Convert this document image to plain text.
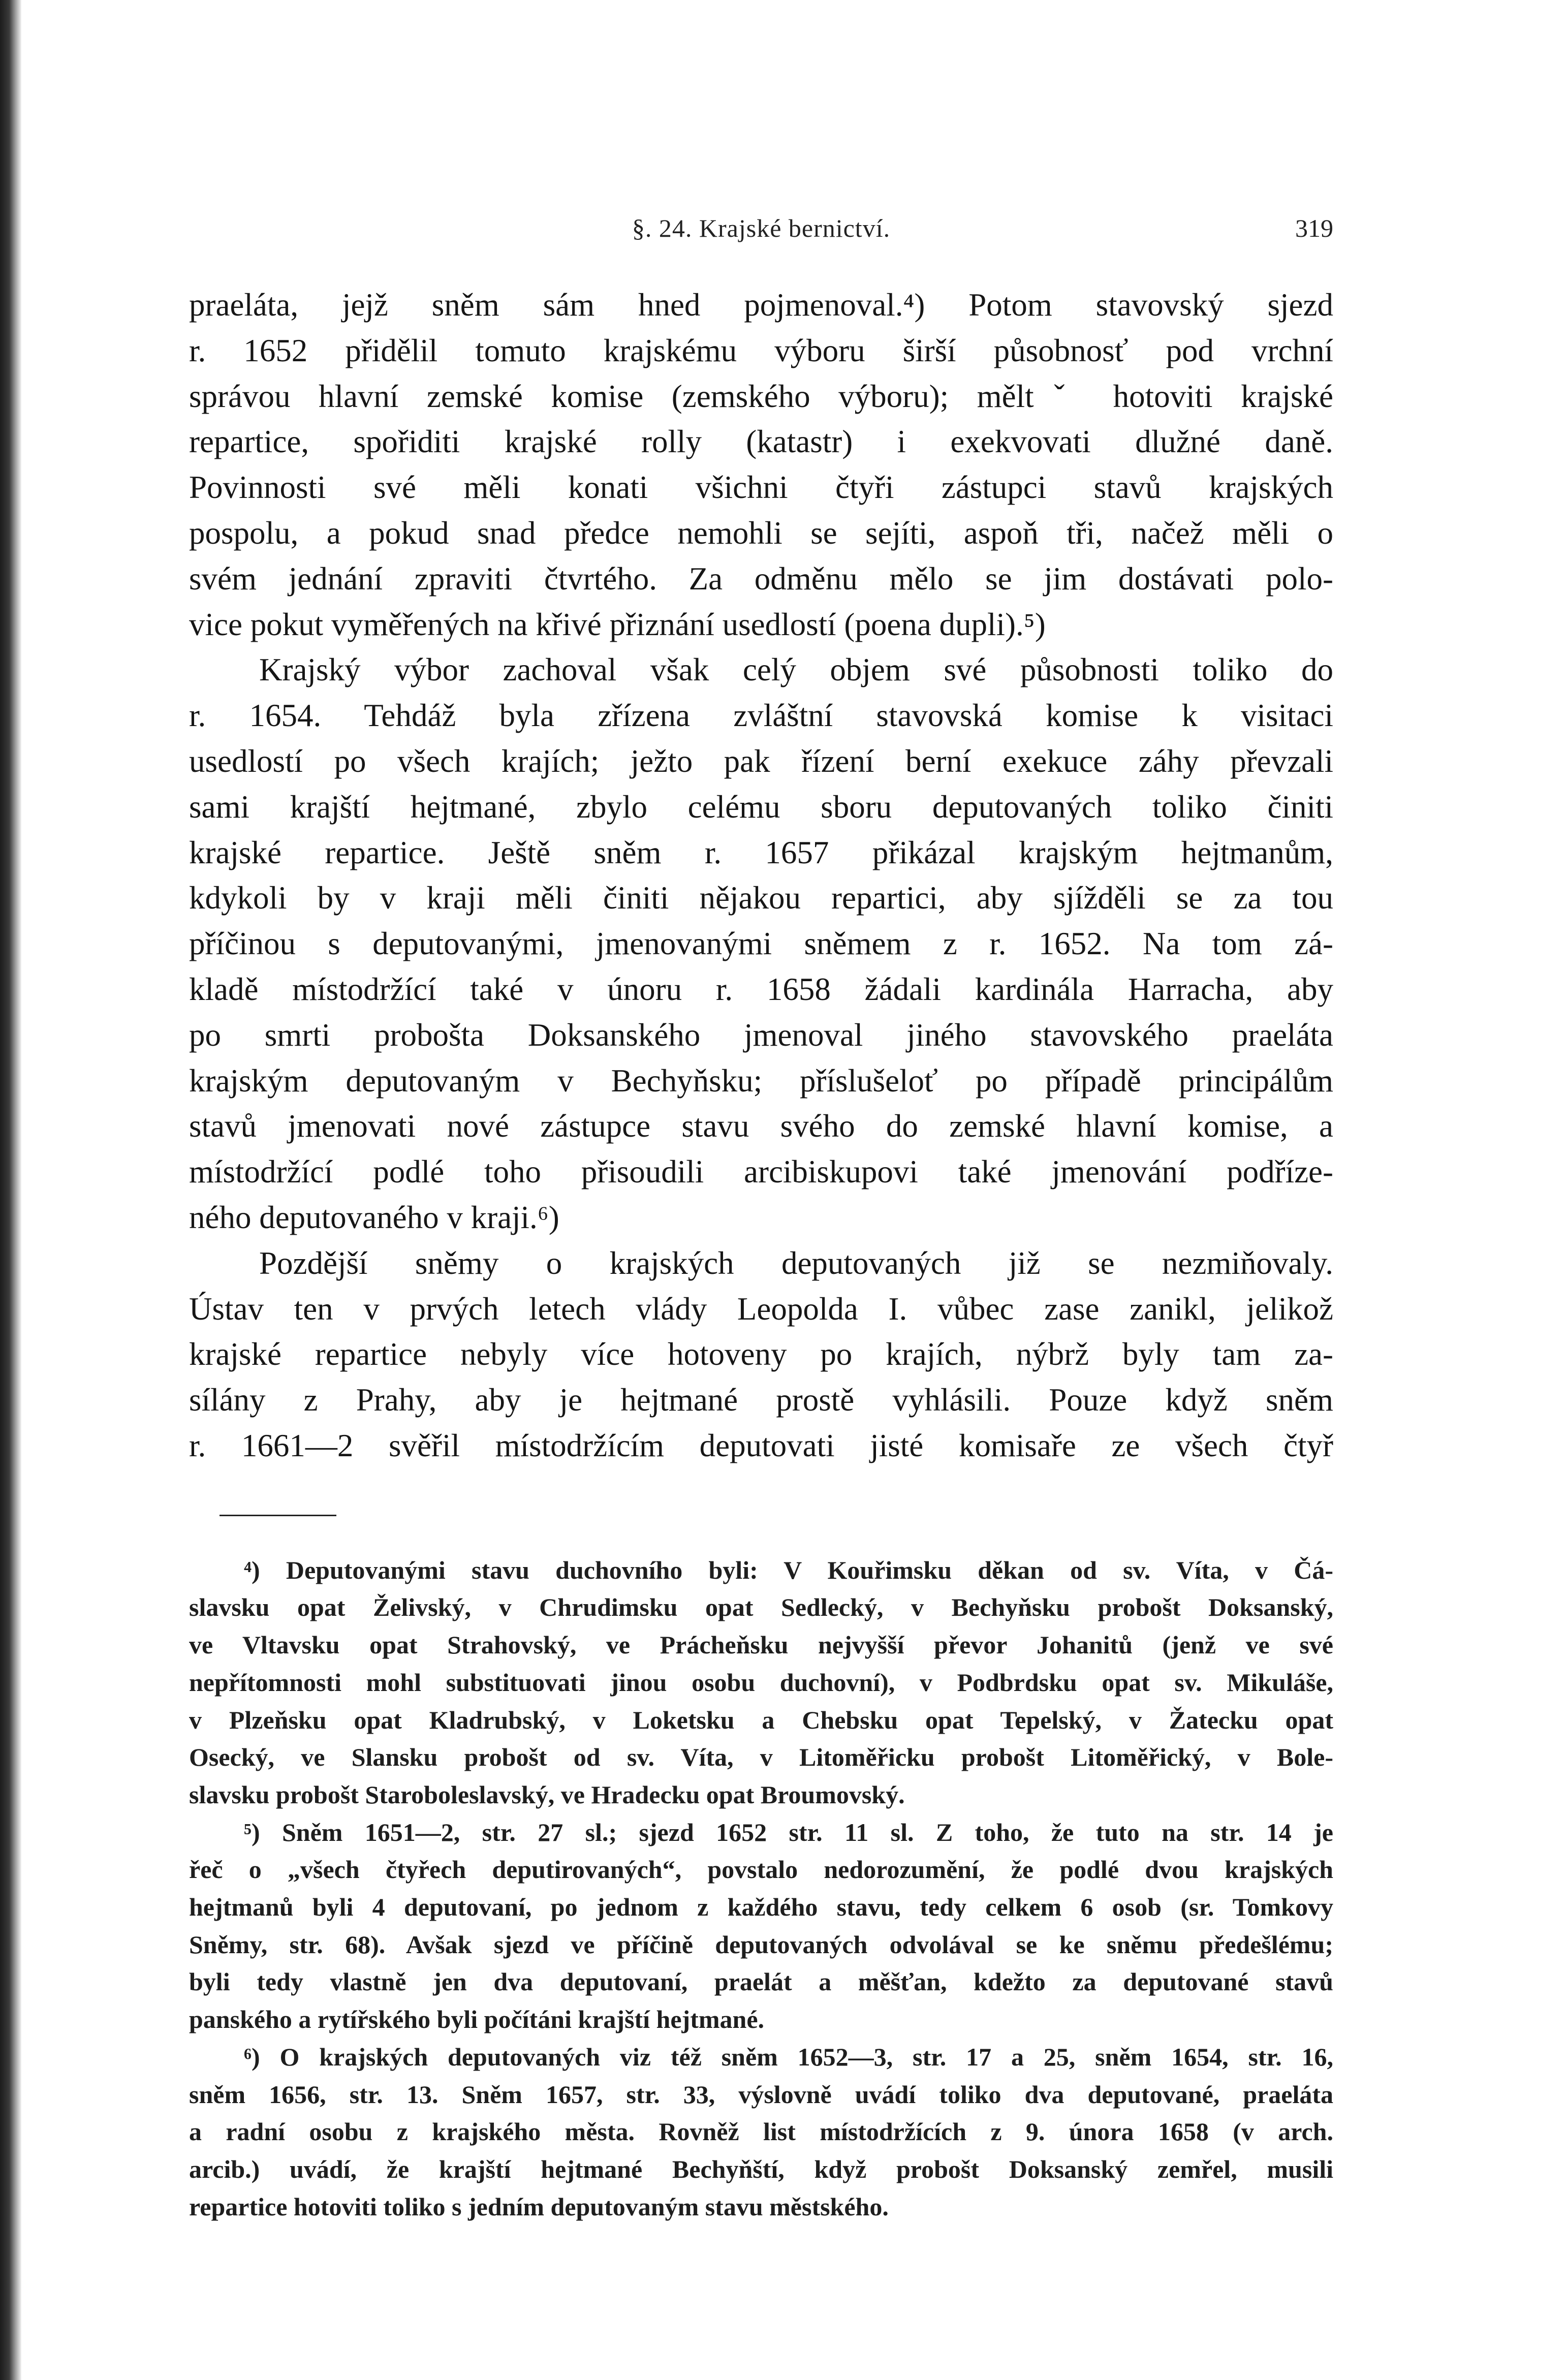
§. 24. Krajské bernictví.	319

praeláta, jejž sněm sám hned pojmenoval.⁴) Potom stavovský sjezd

r. 1652 přidělil tomuto krajskému výboru širší působnosť pod vrchní

správou hlavní zemské komise (zemského výboru); měltˇ hotoviti krajské

repartice, spořiditi krajské rolly (katastr) i exekvovati dlužné daně.

Povinnosti své měli konati všichni čtyři zástupci stavů krajských

pospolu, a pokud snad předce nemohli se sejíti, aspoň tři, načež měli o

svém jednání zpraviti čtvrtého. Za odměnu mělo se jim dostávati polo-

vice pokut vyměřených na křivé přiznání usedlostí (poena dupli).⁵)

Krajský výbor zachoval však celý objem své působnosti toliko do

r. 1654. Tehdáž byla zřízena zvláštní stavovská komise k visitaci

usedlostí po všech krajích; ježto pak řízení berní exekuce záhy převzali

sami krajští hejtmané, zbylo celému sboru deputovaných toliko činiti

krajské repartice. Ještě sněm r. 1657 přikázal krajským hejtmanům,

kdykoli by v kraji měli činiti nějakou repartici, aby sjížděli se za tou

příčinou s deputovanými, jmenovanými sněmem z r. 1652. Na tom zá-

kladě místodržící také v únoru r. 1658 žádali kardinála Harracha, aby

po smrti probošta Doksanského jmenoval jiného stavovského praeláta

krajským deputovaným v Bechyňsku; příslušeloť po případě principálům

stavů jmenovati nové zástupce stavu svého do zemské hlavní komise, a

místodržící podlé toho přisoudili arcibiskupovi také jmenování podříze-

ného deputovaného v kraji.⁶)

Pozdější sněmy o krajských deputovaných již se nezmiňovaly.

Ústav ten v prvých letech vlády Leopolda I. vůbec zase zanikl, jelikož

krajské repartice nebyly více hotoveny po krajích, nýbrž byly tam za-

sílány z Prahy, aby je hejtmané prostě vyhlásili. Pouze když sněm

r. 1661—2 svěřil místodržícím deputovati jisté komisaře ze všech čtyř

⁴) Deputovanými stavu duchovního byli: V Kouřimsku děkan od sv. Víta, v Čá-

slavsku opat Želivský, v Chrudimsku opat Sedlecký, v Bechyňsku probošt Doksanský,

ve Vltavsku opat Strahovský, ve Prácheňsku nejvyšší převor Johanitů (jenž ve své

nepřítomnosti mohl substituovati jinou osobu duchovní), v Podbrdsku opat sv. Mikuláše,

v Plzeňsku opat Kladrubský, v Loketsku a Chebsku opat Tepelský, v Žatecku opat

Osecký, ve Slansku probošt od sv. Víta, v Litoměřicku probošt Litoměřický, v Bole-

slavsku probošt Staroboleslavský, ve Hradecku opat Broumovský.

⁵) Sněm 1651—2, str. 27 sl.; sjezd 1652 str. 11 sl. Z toho, že tuto na str. 14 je

řeč o „všech čtyřech deputirovaných“, povstalo nedorozumění, že podlé dvou krajských

hejtmanů byli 4 deputovaní, po jednom z každého stavu, tedy celkem 6 osob (sr. Tomkovy

Sněmy, str. 68). Avšak sjezd ve příčině deputovaných odvolával se ke sněmu předešlému;

byli tedy vlastně jen dva deputovaní, praelát a měšťan, kdežto za deputované stavů

panského a rytířského byli počítáni krajští hejtmané.

⁶) O krajských deputovaných viz též sněm 1652—3, str. 17 a 25, sněm 1654, str. 16,

sněm 1656, str. 13. Sněm 1657, str. 33, výslovně uvádí toliko dva deputované, praeláta

a radní osobu z krajského města. Rovněž list místodržících z 9. února 1658 (v arch.

arcib.) uvádí, že krajští hejtmané Bechyňští, když probošt Doksanský zemřel, musili

repartice hotoviti toliko s jedním deputovaným stavu městského.
